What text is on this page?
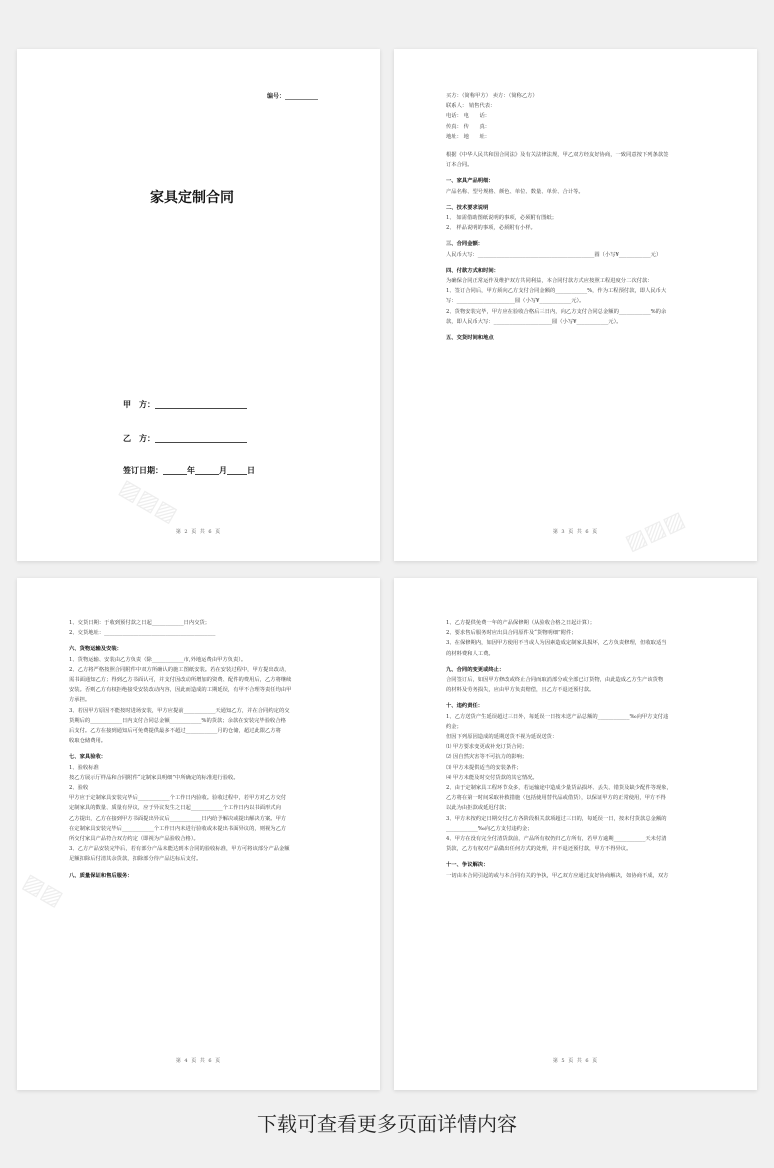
编号：___________
家具定制合同
甲　方：_______________________
乙　方：_______________________
签订日期：______年______月_____日
▨▨▨
第 2 页 共 6 页

买方：（简称甲方） 卖方：（简称乙方）

联系人： 销售代表：

电话： 电　　话：

传真： 传　　真：

地址： 地　　址：

根据《中华人民共和国合同法》及有关法律法规，甲乙双方经友好协商，一致同意按下列条款签

订本合同。

一、家具产品明细：

产品名称、型号规格、颜色、单位、数量、单价、合计等。

二、技术要求说明

1、 如需借助图纸说明的事项，必须附有图纸；

2、 样品说明的事项，必须附有小样。

三、合同金额：

人民币大写：____________________________________________圆（小写¥____________元）

四、付款方式和时间：

为确保合同正常运作及维护双方共同利益，本合同付款方式应按照工程进度分二次付款：

1、签订合同后，甲方须向乙方支付合同金额的____________%，作为工程预付款，即人民币大

写：______________________圆（小写¥____________元）。

2、货物安装完毕，甲方应在验收合格后三日内，向乙方支付合同总金额的____________%的余

款，即人民币大写：______________________圆（小写¥____________元）。

五、交货时间和地点

▨▨▨
第 3 页 共 6 页

1、交货日期：于收到预付款之日起____________日内交货；

2、交货地址：__________________________________________

六、货物运输及安装：

1、货物运输、安装由乙方负责（除____________市,外地运费由甲方负责）。

2、乙方将严格按照合同附件中双方所确认的施工图纸安装。若在安装过程中，甲方提出改动，

需书面通知乙方；得到乙方书面认可，并支付因改动所增加的资费、配件的费用后，乙方将继续

安装。否则乙方有权拒绝接受安装改动内容，因此而造成的工期延误，有甲不合理等责任均由甲

方承担。

3、若因甲方原因不能按时进场安装，甲方应提前____________天通知乙方，并在合同约定的交

货期后的____________日内支付合同总金额____________%的货款；余款在安装完毕验收合格

后支付。乙方在接到通知后可免费提供最多不超过____________月的仓储，超过此限乙方将

收取仓储费用。

七、家具验收：

1、验收标准

按乙方展示厅样品和合同附件“定制家具明细”中所确定的标准进行验收。

2、验收

甲方应于定制家具安装完毕后____________个工作日内验收。验收过程中，若甲方对乙方交付

定制家具的数量、质量有异议，应于异议发生之日起____________个工作日内以书面形式向

乙方提出，乙方在接到甲方书面提出异议后____________日内给予解决或提出解决方案。甲方

在定制家具安装完毕后____________个工作日内未进行验收或未提出书面异议的，则视为乙方

所交付家具产品符合双方约定（即视为产品验收合格）。

3、乙方产品安装完毕后，若有部分产品未能达到本合同的验收标准，甲方可将该部分产品金额

足额扣除后付清其余货款，扣除部分待产品达标后支付。

八、质量保证和售后服务：

▨▨
第 4 页 共 6 页

1、乙方提供免费一年的产品保修期（从验收合格之日起计算）；

2、要求售后服务时应出具合同原件及“货物明细”附件；

3、在保修期内，如因甲方使用不当或人为因素造成定制家具损坏，乙方负责修理，但收取适当

的材料费和人工费。

九、合同的变更或终止：

合同签订后，如因甲方修改或终止合同而取消部分或全部已订货物，由此造成乙方生产该货物

的材料及劳务损失，应由甲方负责赔偿，且乙方不退还预付款。

十、违约责任：

1、乙方送货产生延误超过三日外，每延误一日按未送产品总额的____________‰向甲方支付违

约金；

但因下列原因造成的延期送货不视为延误送货：

⑴ 甲方要求变更或补充订货合同；

⑵ 因自然灾害等不可抗力的影响；

⑶ 甲方未提供适当的安装条件；

⑷ 甲方未能及时交付货款的其它情况。

2、由于定制家具工程环节众多，若运输途中造成少量货品损坏、丢失、错货及缺少配件等现象，

乙方将在第一时间采取补救措施（包括使用替代品或借货），以保证甲方的正常使用，甲方不得

以此为由拒款或延迟付款；

3、甲方未按约定日期交付乙方各阶段相关款项超过三日的，每延误一日，按未付货款总金额的

____________‰向乙方支付违约金；

4、甲方在没有完全付清货款前，产品所有权仍归乙方所有，若甲方逾期____________天未付清

货款，乙方有权对产品做出任何方式的处理，并不退还预付款，甲方不得异议。

十一、争议解决：

一切由本合同引起的或与本合同有关的争执，甲乙双方应通过友好协商解决，如协商不成，双方

第 5 页 共 6 页
下载可查看更多页面详情内容
